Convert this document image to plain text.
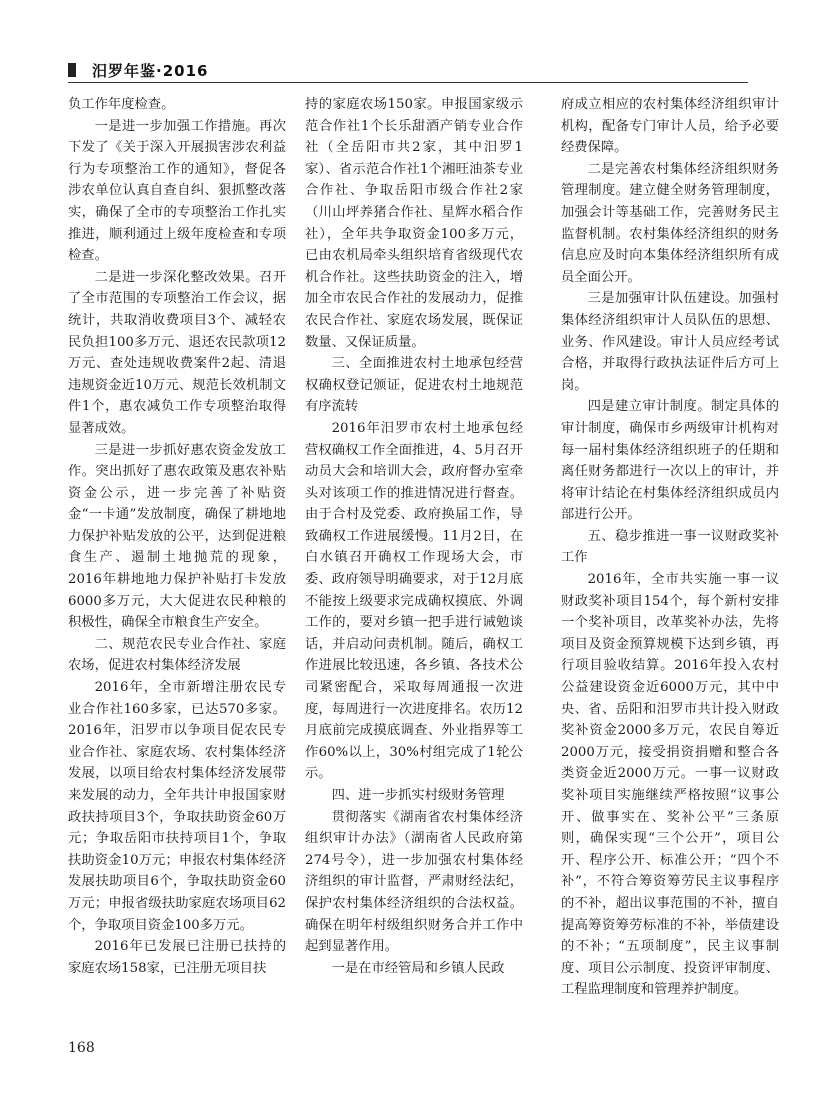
汨罗年鉴·2016

负工作年度检查。

一是进一步加强工作措施。再次下发了《关于深入开展损害涉农利益行为专项整治工作的通知》，督促各涉农单位认真自查自纠、狠抓整改落实，确保了全市的专项整治工作扎实推进，顺利通过上级年度检查和专项检查。

二是进一步深化整改效果。召开了全市范围的专项整治工作会议，据统计，共取消收费项目3个、减轻农民负担100多万元、退还农民款项12万元、查处违规收费案件2起、清退违规资金近10万元、规范长效机制文件1个，惠农减负工作专项整治取得显著成效。

三是进一步抓好惠农资金发放工作。突出抓好了惠农政策及惠农补贴资金公示，进一步完善了补贴资金“一卡通”发放制度，确保了耕地地力保护补贴发放的公平，达到促进粮食生产、遏制土地抛荒的现象，2016年耕地地力保护补贴打卡发放6000多万元，大大促进农民种粮的积极性，确保全市粮食生产安全。

二、规范农民专业合作社、家庭农场，促进农村集体经济发展

2016年，全市新增注册农民专业合作社160多家，已达570多家。2016年，汨罗市以争项目促农民专业合作社、家庭农场、农村集体经济发展，以项目给农村集体经济发展带来发展的动力，全年共计申报国家财政扶持项目3个，争取扶助资金60万元；争取岳阳市扶持项目1个，争取扶助资金10万元；申报农村集体经济发展扶助项目6个，争取扶助资金60万元；申报省级扶助家庭农场项目62个，争取项目资金100多万元。

2016年已发展已注册已扶持的家庭农场158家，已注册无项目扶

持的家庭农场150家。申报国家级示范合作社1个长乐甜酒产销专业合作社（全岳阳市共2家，其中汨罗1家）、省示范合作社1个湘旺油茶专业合作社、争取岳阳市级合作社2家（川山坪养猪合作社、星辉水稻合作社），全年共争取资金100多万元，已由农机局牵头组织培育省级现代农机合作社。这些扶助资金的注入，增加全市农民合作社的发展动力，促推农民合作社、家庭农场发展，既保证数量、又保证质量。

三、全面推进农村土地承包经营权确权登记颁证，促进农村土地规范有序流转

2016年汨罗市农村土地承包经营权确权工作全面推进，4、5月召开动员大会和培训大会，政府督办室牵头对该项工作的推进情况进行督查。由于合村及党委、政府换届工作，导致确权工作进展缓慢。11月2日，在白水镇召开确权工作现场大会，市委、政府领导明确要求，对于12月底不能按上级要求完成确权摸底、外调工作的，要对乡镇一把手进行诫勉谈话，并启动问责机制。随后，确权工作进展比较迅速，各乡镇、各技术公司紧密配合，采取每周通报一次进度，每周进行一次进度排名。农历12月底前完成摸底调查、外业指界等工作60%以上，30%村组完成了1轮公示。

四、进一步抓实村级财务管理

贯彻落实《湖南省农村集体经济组织审计办法》（湖南省人民政府第274号令），进一步加强农村集体经济组织的审计监督，严肃财经法纪，保护农村集体经济组织的合法权益。确保在明年村级组织财务合并工作中起到显著作用。

一是在市经管局和乡镇人民政

府成立相应的农村集体经济组织审计机构，配备专门审计人员，给予必要经费保障。

二是完善农村集体经济组织财务管理制度。建立健全财务管理制度，加强会计等基础工作，完善财务民主监督机制。农村集体经济组织的财务信息应及时向本集体经济组织所有成员全面公开。

三是加强审计队伍建设。加强村集体经济组织审计人员队伍的思想、业务、作风建设。审计人员应经考试合格，并取得行政执法证件后方可上岗。

四是建立审计制度。制定具体的审计制度，确保市乡两级审计机构对每一届村集体经济组织班子的任期和离任财务都进行一次以上的审计，并将审计结论在村集体经济组织成员内部进行公开。

五、稳步推进一事一议财政奖补工作

2016年，全市共实施一事一议财政奖补项目154个，每个新村安排一个奖补项目，改革奖补办法，先将项目及资金预算规模下达到乡镇，再行项目验收结算。2016年投入农村公益建设资金近6000万元，其中中央、省、岳阳和汨罗市共计投入财政奖补资金2000多万元，农民自筹近2000万元，接受捐资捐赠和整合各类资金近2000万元。一事一议财政奖补项目实施继续严格按照“议事公开、做事实在、奖补公平”三条原则，确保实现“三个公开”，项目公开、程序公开、标准公开；“四个不补”，不符合筹资筹劳民主议事程序的不补，超出议事范围的不补，擅自提高筹资筹劳标准的不补，举债建设的不补；“五项制度”，民主议事制度、项目公示制度、投资评审制度、工程监理制度和管理养护制度。

168
